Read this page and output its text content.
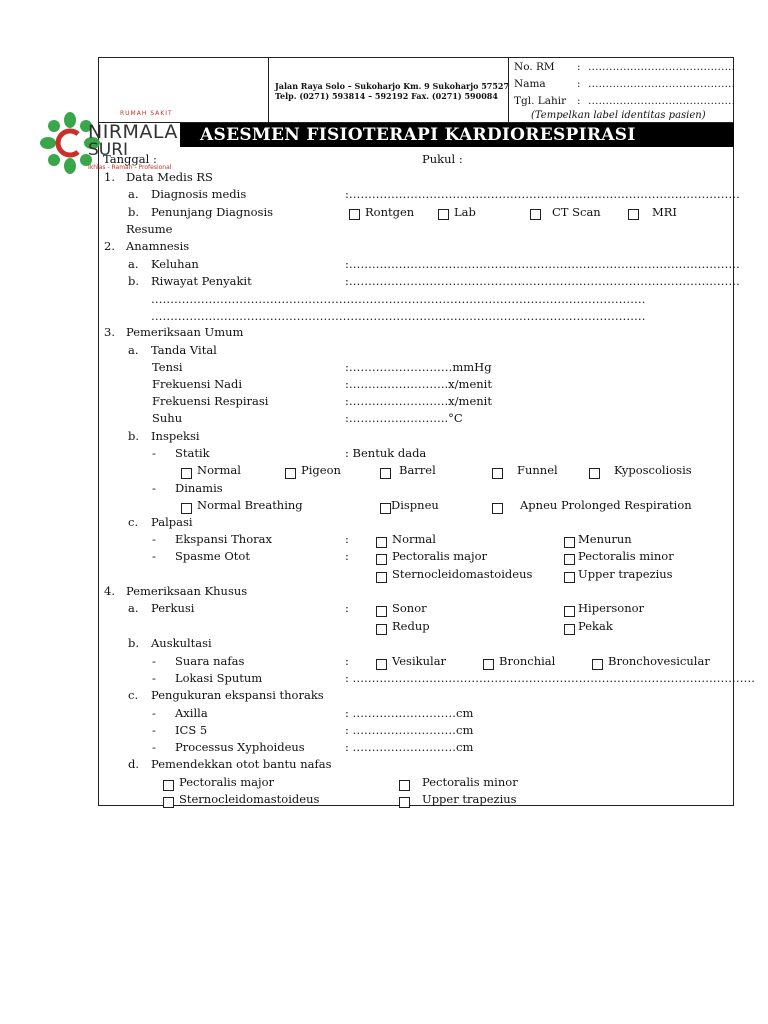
RUMAH SAKIT
NIRMALA
SURI
Ikhlas - Ramah - Profesional
Jalan Raya Solo – Sukoharjo Km. 9 Sukoharjo 57527
Telp. (0271) 593814 – 592192 Fax. (0271) 590084
No. RM : ……………………………………
Nama	: ……………………………………
Tgl. Lahir : ……………………………………
(Tempelkan label identitas pasien)
ASESMEN FISIOTERAPI KARDIORESPIRASI
Tanggal :	Pukul :
1. Data Medis RS
a. Diagnosis medis	:…………………………………………………………………………………………
b. Penunjang Diagnosis	Rontgen	Lab	CT Scan	MRI
Resume
2. Anamnesis
a. Keluhan	:…………………………………………………………………………………………
b. Riwayat Penyakit	:…………………………………………………………………………………………
…………………………………………………………………………………………………………………
…………………………………………………………………………………………………………………
3. Pemeriksaan Umum
a. Tanda Vital
Tensi	:………………………mmHg
Frekuensi Nadi	:……………………..x/menit
Frekuensi Respirasi	:……………………..x/menit
Suhu	:……………………..°C
b. Inspeksi
- Statik	: Bentuk dada
Normal	Pigeon	Barrel	Funnel	Kyposcoliosis
- Dinamis
Normal Breathing	Dispneu	Apneu Prolonged Respiration
c. Palpasi
- Ekspansi Thorax	:	Normal	Menurun
- Spasme Otot	:	Pectoralis major	Pectoralis minor
Sternocleidomastoideus	Upper trapezius
4. Pemeriksaan Khusus
a. Perkusi	:	Sonor	Hipersonor
Redup	Pekak
b. Auskultasi
- Suara nafas	:	Vesikular	Bronchial	Bronchovesicular
- Lokasi Sputum	: ……………………………………………………………………………………………
c. Pengukuran ekspansi thoraks
- Axilla	: ………………………cm
- ICS 5	: ………………………cm
- Processus Xyphoideus	: ………………………cm
d. Pemendekkan otot bantu nafas
Pectoralis major	Pectoralis minor
Sternocleidomastoideus	Upper trapezius
